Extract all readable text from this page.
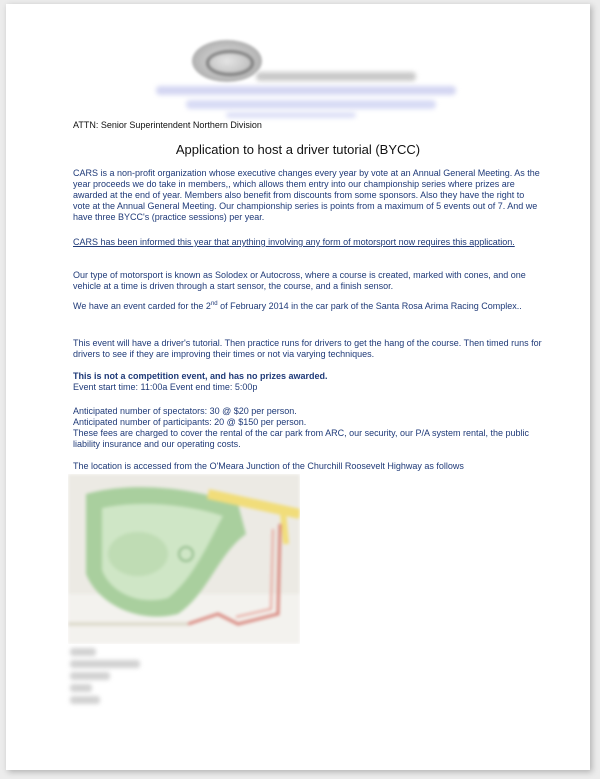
ATTN: Senior Superintendent Northern Division
Application to host a driver tutorial (BYCC)
CARS is a non-profit organization whose executive changes every year by vote at an Annual General Meeting. As the year proceeds we do take in members,, which allows them entry into our championship series where prizes are awarded at the end of year. Members also benefit from discounts from some sponsors. Also they have the right to vote at the Annual General Meeting. Our championship series is points from a maximum of 5 events out of 7. And we have three BYCC's (practice sessions) per year.
CARS has been informed this year that anything involving any form of motorsport now requires this application.
Our type of motorsport is known as Solodex or Autocross, where a course is created, marked with cones, and one vehicle at a time is driven through a start sensor, the course, and a finish sensor.
We have an event carded for the 2nd of February 2014 in the car park of the Santa Rosa Arima Racing Complex..
This event will have a driver's tutorial. Then practice runs for drivers to get the hang of the course. Then timed runs for drivers to see if they are improving their times or not via varying techniques.
This is not a competition event, and has no prizes awarded.
Event start time: 11:00a Event end time: 5:00p
Anticipated number of spectators: 30 @ $20 per person.
Anticipated number of participants: 20 @ $150 per person.
These fees are charged to cover the rental of the car park from ARC, our security, our P/A system rental, the public liability insurance and our operating costs.
The location is accessed from the O'Meara Junction of the Churchill Roosevelt Highway as follows
